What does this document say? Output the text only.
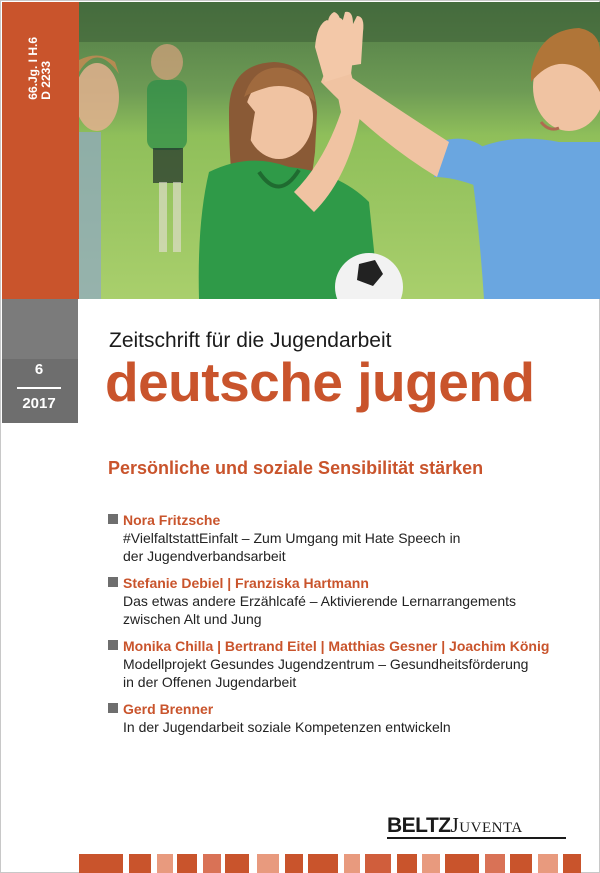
66.Jg. I H.6 D 2233
6
2017
Zeitschrift für die Jugendarbeit
deutsche jugend
Persönliche und soziale Sensibilität stärken
Nora Fritzsche
#VielfaltstattEinfalt – Zum Umgang mit Hate Speech in
der Jugendverbandsarbeit
Stefanie Debiel | Franziska Hartmann
Das etwas andere Erzählcafé – Aktivierende Lernarrangements
zwischen Alt und Jung
Monika Chilla | Bertrand Eitel | Matthias Gesner | Joachim König
Modellprojekt Gesundes Jugendzentrum – Gesundheitsförderung
in der Offenen Jugendarbeit
Gerd Brenner
In der Jugendarbeit soziale Kompetenzen entwickeln
BELTZJuventa
